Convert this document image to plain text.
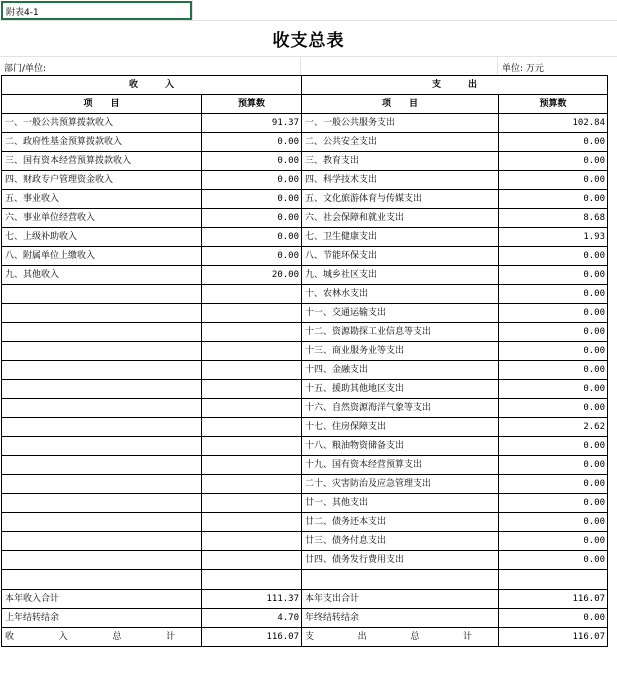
附表4-1
收支总表
部门/单位:	单位: 万元
收　　　入		支　　　出	
项　　目	预算数	项　　目	预算数
一、一般公共预算拨款收入	91.37	一、一般公共服务支出	102.84
二、政府性基金预算拨款收入	0.00	二、公共安全支出	0.00
三、国有资本经营预算拨款收入	0.00	三、教育支出	0.00
四、财政专户管理资金收入	0.00	四、科学技术支出	0.00
五、事业收入	0.00	五、文化旅游体育与传媒支出	0.00
六、事业单位经营收入	0.00	六、社会保障和就业支出	8.68
七、上级补助收入	0.00	七、卫生健康支出	1.93
八、附属单位上缴收入	0.00	八、节能环保支出	0.00
九、其他收入	20.00	九、城乡社区支出	0.00
		十、农林水支出	0.00
		十一、交通运输支出	0.00
		十二、资源勘探工业信息等支出	0.00
		十三、商业服务业等支出	0.00
		十四、金融支出	0.00
		十五、援助其他地区支出	0.00
		十六、自然资源海洋气象等支出	0.00
		十七、住房保障支出	2.62
		十八、粮油物资储备支出	0.00
		十九、国有资本经营预算支出	0.00
		二十、灾害防治及应急管理支出	0.00
		廿一、其他支出	0.00
		廿二、债务还本支出	0.00
		廿三、债务付息支出	0.00
		廿四、债务发行费用支出	0.00

本年收入合计	111.37	本年支出合计	116.07
上年结转结余	4.70	年终结转结余	0.00
收入总计	116.07	支出总计	116.07
